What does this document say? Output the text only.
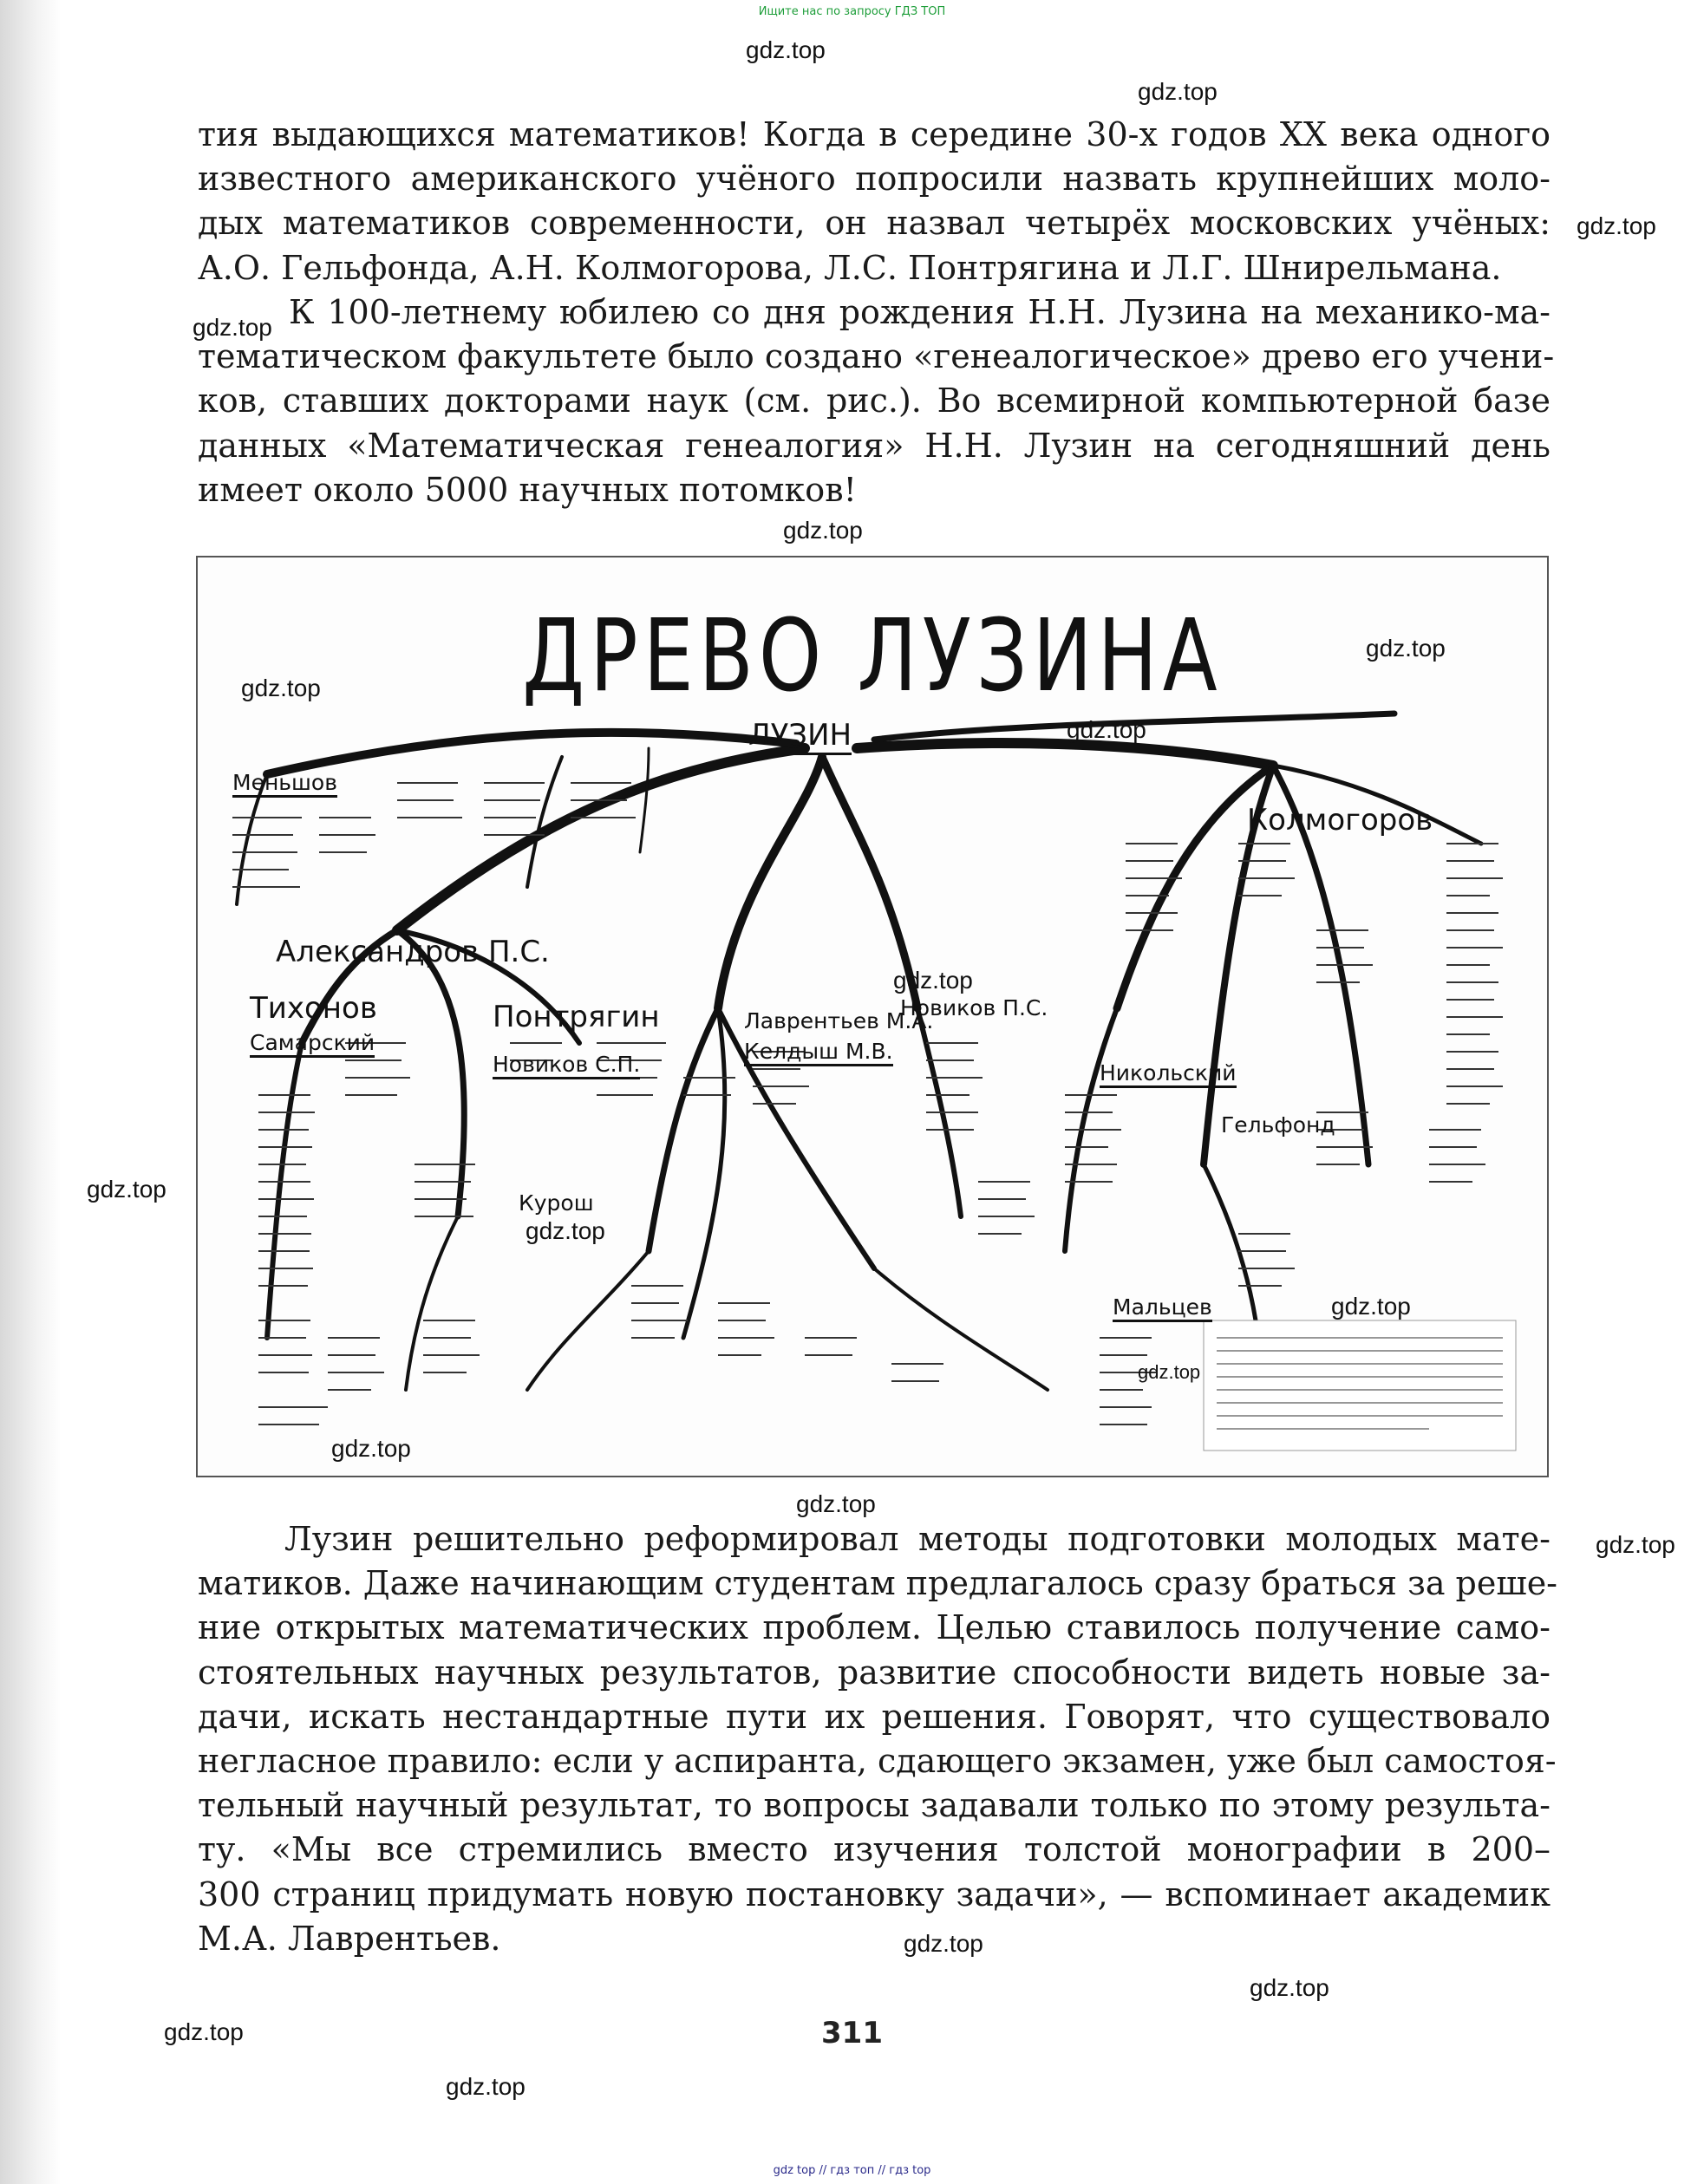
Ищите нас по запросу ГДЗ ТОП
тия выдающихся математиков! Когда в середине 30-х годов XX века одного
известного американского учёного попросили назвать крупнейших моло-
дых математиков современности, он назвал четырёх московских учёных:
А.О. Гельфонда, А.Н. Колмогорова, Л.С. Понтрягина и Л.Г. Шнирельмана.
К 100-летнему юбилею со дня рождения Н.Н. Лузина на механико-ма-
тематическом факультете было создано «генеалогическое» древо его учени-
ков, ставших докторами наук (см. рис.). Во всемирной компьютерной базе
данных «Математическая генеалогия» Н.Н. Лузин на сегодняшний день
имеет около 5000 научных потомков!
ДРЕВО ЛУЗИНА
ЛУЗИН
Меньшов
Колмогоров
Александров П.С.
Тихонов
Самарский
Понтрягин
Новиков С.П.
Лаврентьев М.А.
Келдыш М.В.
Новиков П.С.
Никольский
Гельфонд
Мальцев
Курош
Лузин решительно реформировал методы подготовки молодых мате-
матиков. Даже начинающим студентам предлагалось сразу браться за реше-
ние открытых математических проблем. Целью ставилось получение само-
стоятельных научных результатов, развитие способности видеть новые за-
дачи, искать нестандартные пути их решения. Говорят, что существовало
негласное правило: если у аспиранта, сдающего экзамен, уже был самостоя-
тельный научный результат, то вопросы задавали только по этому результа-
ту. «Мы все стремились вместо изучения толстой монографии в 200–
300 страниц придумать новую постановку задачи», — вспоминает академик
М.А. Лаврентьев.
311
gdz.top
gdz.top
gdz.top
gdz.top
gdz.top
gdz.top
gdz.top
gdz.top
gdz.top
gdz.top
gdz.top
gdz.top
gdz.top
gdz.top
gdz.top
gdz.top
gdz.top
gdz.top
gdz.top
gdz.top
gdz top // гдз топ // гдз top
